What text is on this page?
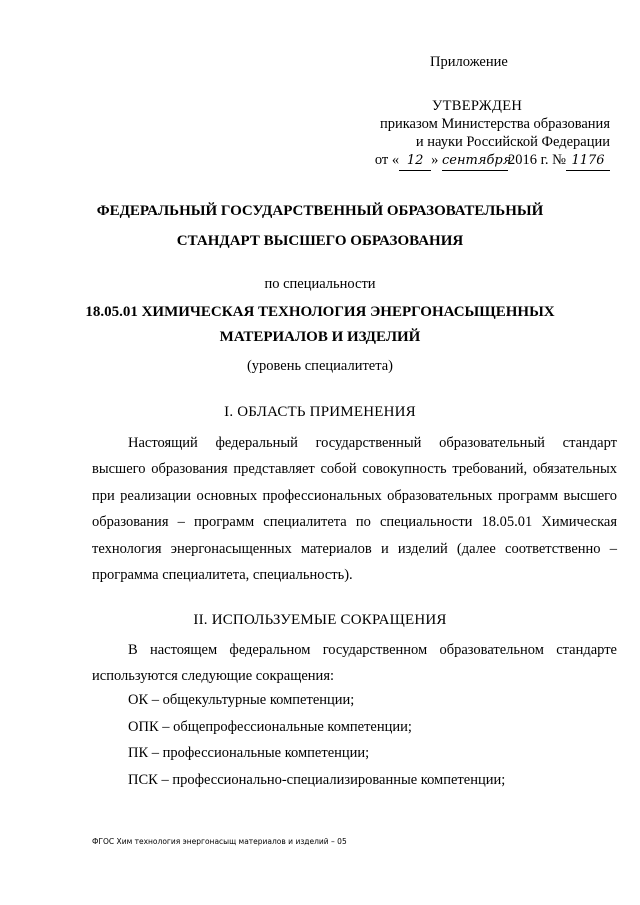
Приложение
УТВЕРЖДЕН
приказом Министерства образования
и науки Российской Федерации
от « 12 » сентября2016 г. № 1176
ФЕДЕРАЛЬНЫЙ ГОСУДАРСТВЕННЫЙ ОБРАЗОВАТЕЛЬНЫЙ
СТАНДАРТ ВЫСШЕГО ОБРАЗОВАНИЯ
по специальности
18.05.01 ХИМИЧЕСКАЯ ТЕХНОЛОГИЯ ЭНЕРГОНАСЫЩЕННЫХ
МАТЕРИАЛОВ И ИЗДЕЛИЙ
(уровень специалитета)
I. ОБЛАСТЬ ПРИМЕНЕНИЯ
Настоящий федеральный государственный образовательный стандарт высшего образования представляет собой совокупность требований, обязательных при реализации основных профессиональных образовательных программ высшего образования – программ специалитета по специальности 18.05.01 Химическая технология энергонасыщенных материалов и изделий (далее соответственно – программа специалитета, специальность).
II. ИСПОЛЬЗУЕМЫЕ СОКРАЩЕНИЯ
В настоящем федеральном государственном образовательном стандарте используются следующие сокращения:
ОК – общекультурные компетенции;
ОПК – общепрофессиональные компетенции;
ПК – профессиональные компетенции;
ПСК – профессионально-специализированные компетенции;
ФГОС Хим технология энергонасыщ материалов и изделий – 05
